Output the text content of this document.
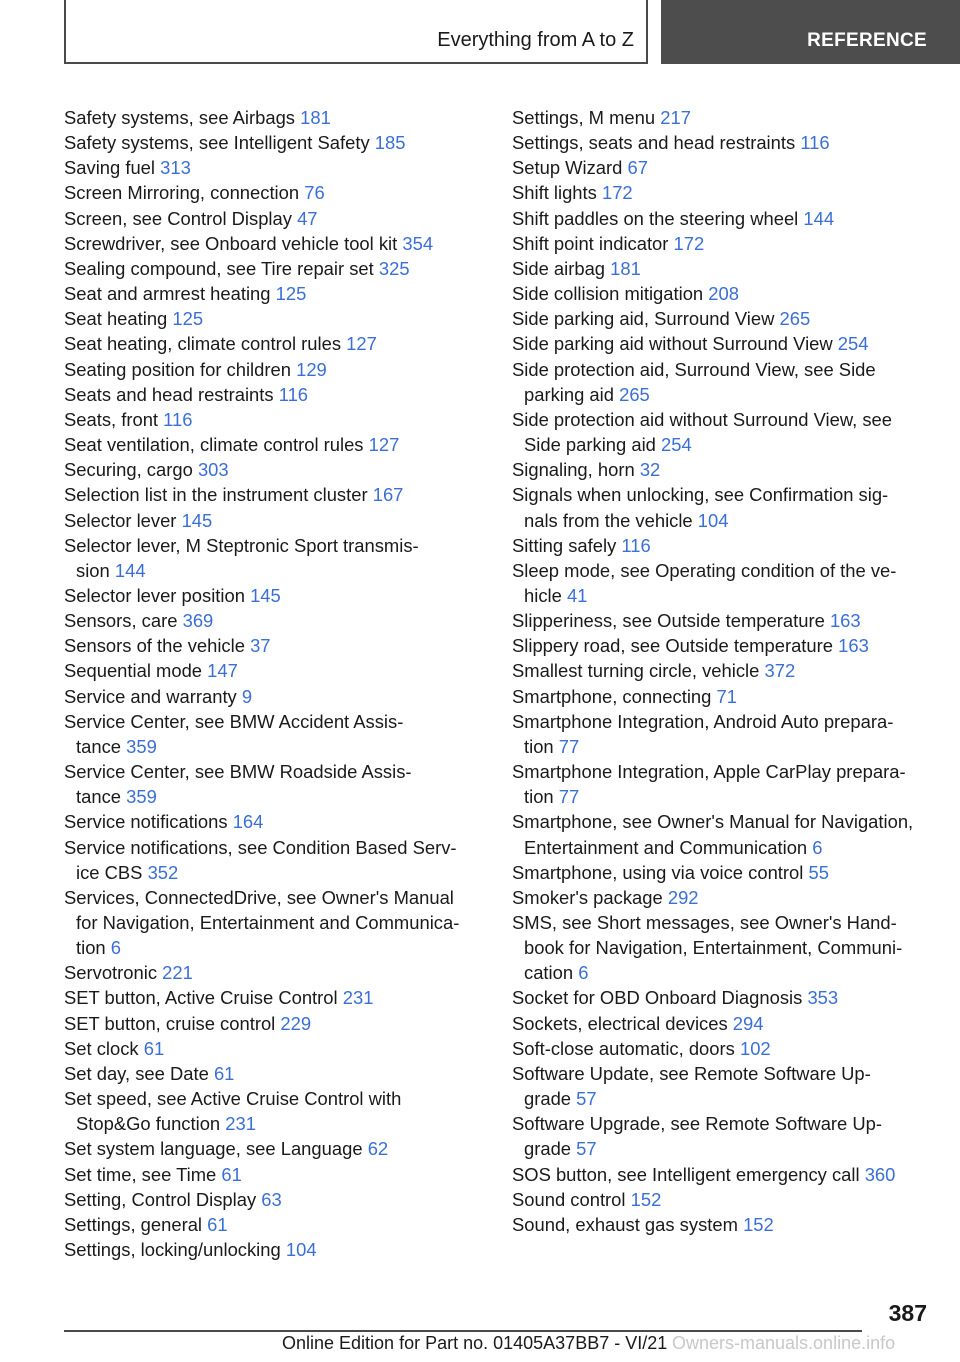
Everything from A to Z	REFERENCE
Safety systems, see Airbags 181
Safety systems, see Intelligent Safety 185
Saving fuel 313
Screen Mirroring, connection 76
Screen, see Control Display 47
Screwdriver, see Onboard vehicle tool kit 354
Sealing compound, see Tire repair set 325
Seat and armrest heating 125
Seat heating 125
Seat heating, climate control rules 127
Seating position for children 129
Seats and head restraints 116
Seats, front 116
Seat ventilation, climate control rules 127
Securing, cargo 303
Selection list in the instrument cluster 167
Selector lever 145
Selector lever, M Steptronic Sport transmis-
sion 144
Selector lever position 145
Sensors, care 369
Sensors of the vehicle 37
Sequential mode 147
Service and warranty 9
Service Center, see BMW Accident Assis-
tance 359
Service Center, see BMW Roadside Assis-
tance 359
Service notifications 164
Service notifications, see Condition Based Serv-
ice CBS 352
Services, ConnectedDrive, see Owner's Manual
for Navigation, Entertainment and Communica-
tion 6
Servotronic 221
SET button, Active Cruise Control 231
SET button, cruise control 229
Set clock 61
Set day, see Date 61
Set speed, see Active Cruise Control with
Stop&Go function 231
Set system language, see Language 62
Set time, see Time 61
Setting, Control Display 63
Settings, general 61
Settings, locking/unlocking 104
Settings, M menu 217
Settings, seats and head restraints 116
Setup Wizard 67
Shift lights 172
Shift paddles on the steering wheel 144
Shift point indicator 172
Side airbag 181
Side collision mitigation 208
Side parking aid, Surround View 265
Side parking aid without Surround View 254
Side protection aid, Surround View, see Side
parking aid 265
Side protection aid without Surround View, see
Side parking aid 254
Signaling, horn 32
Signals when unlocking, see Confirmation sig-
nals from the vehicle 104
Sitting safely 116
Sleep mode, see Operating condition of the ve-
hicle 41
Slipperiness, see Outside temperature 163
Slippery road, see Outside temperature 163
Smallest turning circle, vehicle 372
Smartphone, connecting 71
Smartphone Integration, Android Auto prepara-
tion 77
Smartphone Integration, Apple CarPlay prepara-
tion 77
Smartphone, see Owner's Manual for Navigation,
Entertainment and Communication 6
Smartphone, using via voice control 55
Smoker's package 292
SMS, see Short messages, see Owner's Hand-
book for Navigation, Entertainment, Communi-
cation 6
Socket for OBD Onboard Diagnosis 353
Sockets, electrical devices 294
Soft-close automatic, doors 102
Software Update, see Remote Software Up-
grade 57
Software Upgrade, see Remote Software Up-
grade 57
SOS button, see Intelligent emergency call 360
Sound control 152
Sound, exhaust gas system 152
387
Online Edition for Part no. 01405A37BB7 - VI/21 Owners-manuals.online.info
